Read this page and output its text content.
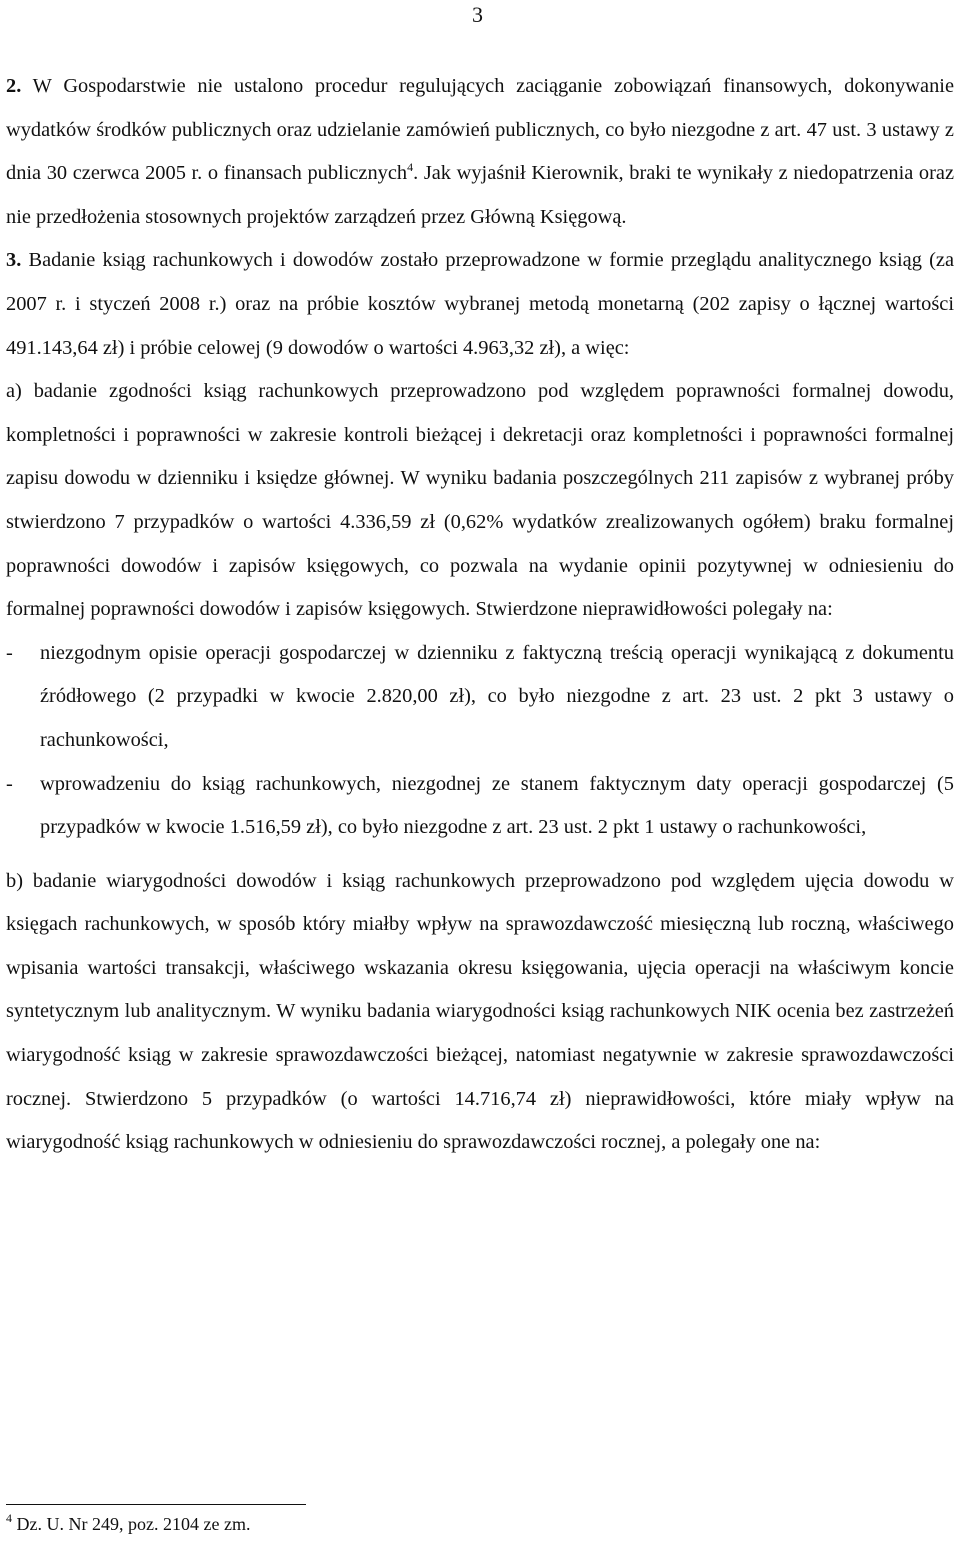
3

2. W Gospodarstwie nie ustalono procedur regulujących zaciąganie zobowiązań finansowych, dokonywanie wydatków środków publicznych oraz udzielanie zamówień publicznych, co było niezgodne z art. 47 ust. 3 ustawy z dnia 30 czerwca 2005 r. o finansach publicznych$^4$. Jak wyjaśnił Kierownik, braki te wynikały z niedopatrzenia oraz nie przedłożenia stosownych projektów zarządzeń przez Główną Księgową.

3. Badanie ksiąg rachunkowych i dowodów zostało przeprowadzone w formie przeglądu analitycznego ksiąg (za 2007 r. i styczeń 2008 r.) oraz na próbie kosztów wybranej metodą monetarną (202 zapisy o łącznej wartości 491.143,64 zł) i próbie celowej (9 dowodów o wartości 4.963,32 zł), a więc:

a) badanie zgodności ksiąg rachunkowych przeprowadzono pod względem poprawności formalnej dowodu, kompletności i poprawności w zakresie kontroli bieżącej i dekretacji oraz kompletności i poprawności formalnej zapisu dowodu w dzienniku i księdze głównej. W wyniku badania poszczególnych 211 zapisów z wybranej próby stwierdzono 7 przypadków o wartości 4.336,59 zł (0,62% wydatków zrealizowanych ogółem) braku formalnej poprawności dowodów i zapisów księgowych, co pozwala na wydanie opinii pozytywnej w odniesieniu do formalnej poprawności dowodów i zapisów księgowych. Stwierdzone nieprawidłowości polegały na:

-	niezgodnym opisie operacji gospodarczej w dzienniku z faktyczną treścią operacji wynikającą z dokumentu źródłowego (2 przypadki w kwocie 2.820,00 zł), co było niezgodne z art. 23 ust. 2 pkt 3 ustawy o rachunkowości,
-	wprowadzeniu do ksiąg rachunkowych, niezgodnej ze stanem faktycznym daty operacji gospodarczej (5 przypadków w kwocie 1.516,59 zł), co było niezgodne z art. 23 ust. 2 pkt 1 ustawy o rachunkowości,

b) badanie wiarygodności dowodów i ksiąg rachunkowych przeprowadzono pod względem ujęcia dowodu w księgach rachunkowych, w sposób który miałby wpływ na sprawozdawczość miesięczną lub roczną, właściwego wpisania wartości transakcji, właściwego wskazania okresu księgowania, ujęcia operacji na właściwym koncie syntetycznym lub analitycznym. W wyniku badania wiarygodności ksiąg rachunkowych NIK ocenia bez zastrzeżeń wiarygodność ksiąg w zakresie sprawozdawczości bieżącej, natomiast negatywnie w zakresie sprawozdawczości rocznej. Stwierdzono 5 przypadków (o wartości 14.716,74 zł) nieprawidłowości, które miały wpływ na wiarygodność ksiąg rachunkowych w odniesieniu do sprawozdawczości rocznej, a polegały one na:

$^4$ Dz. U. Nr 249, poz. 2104 ze zm.
